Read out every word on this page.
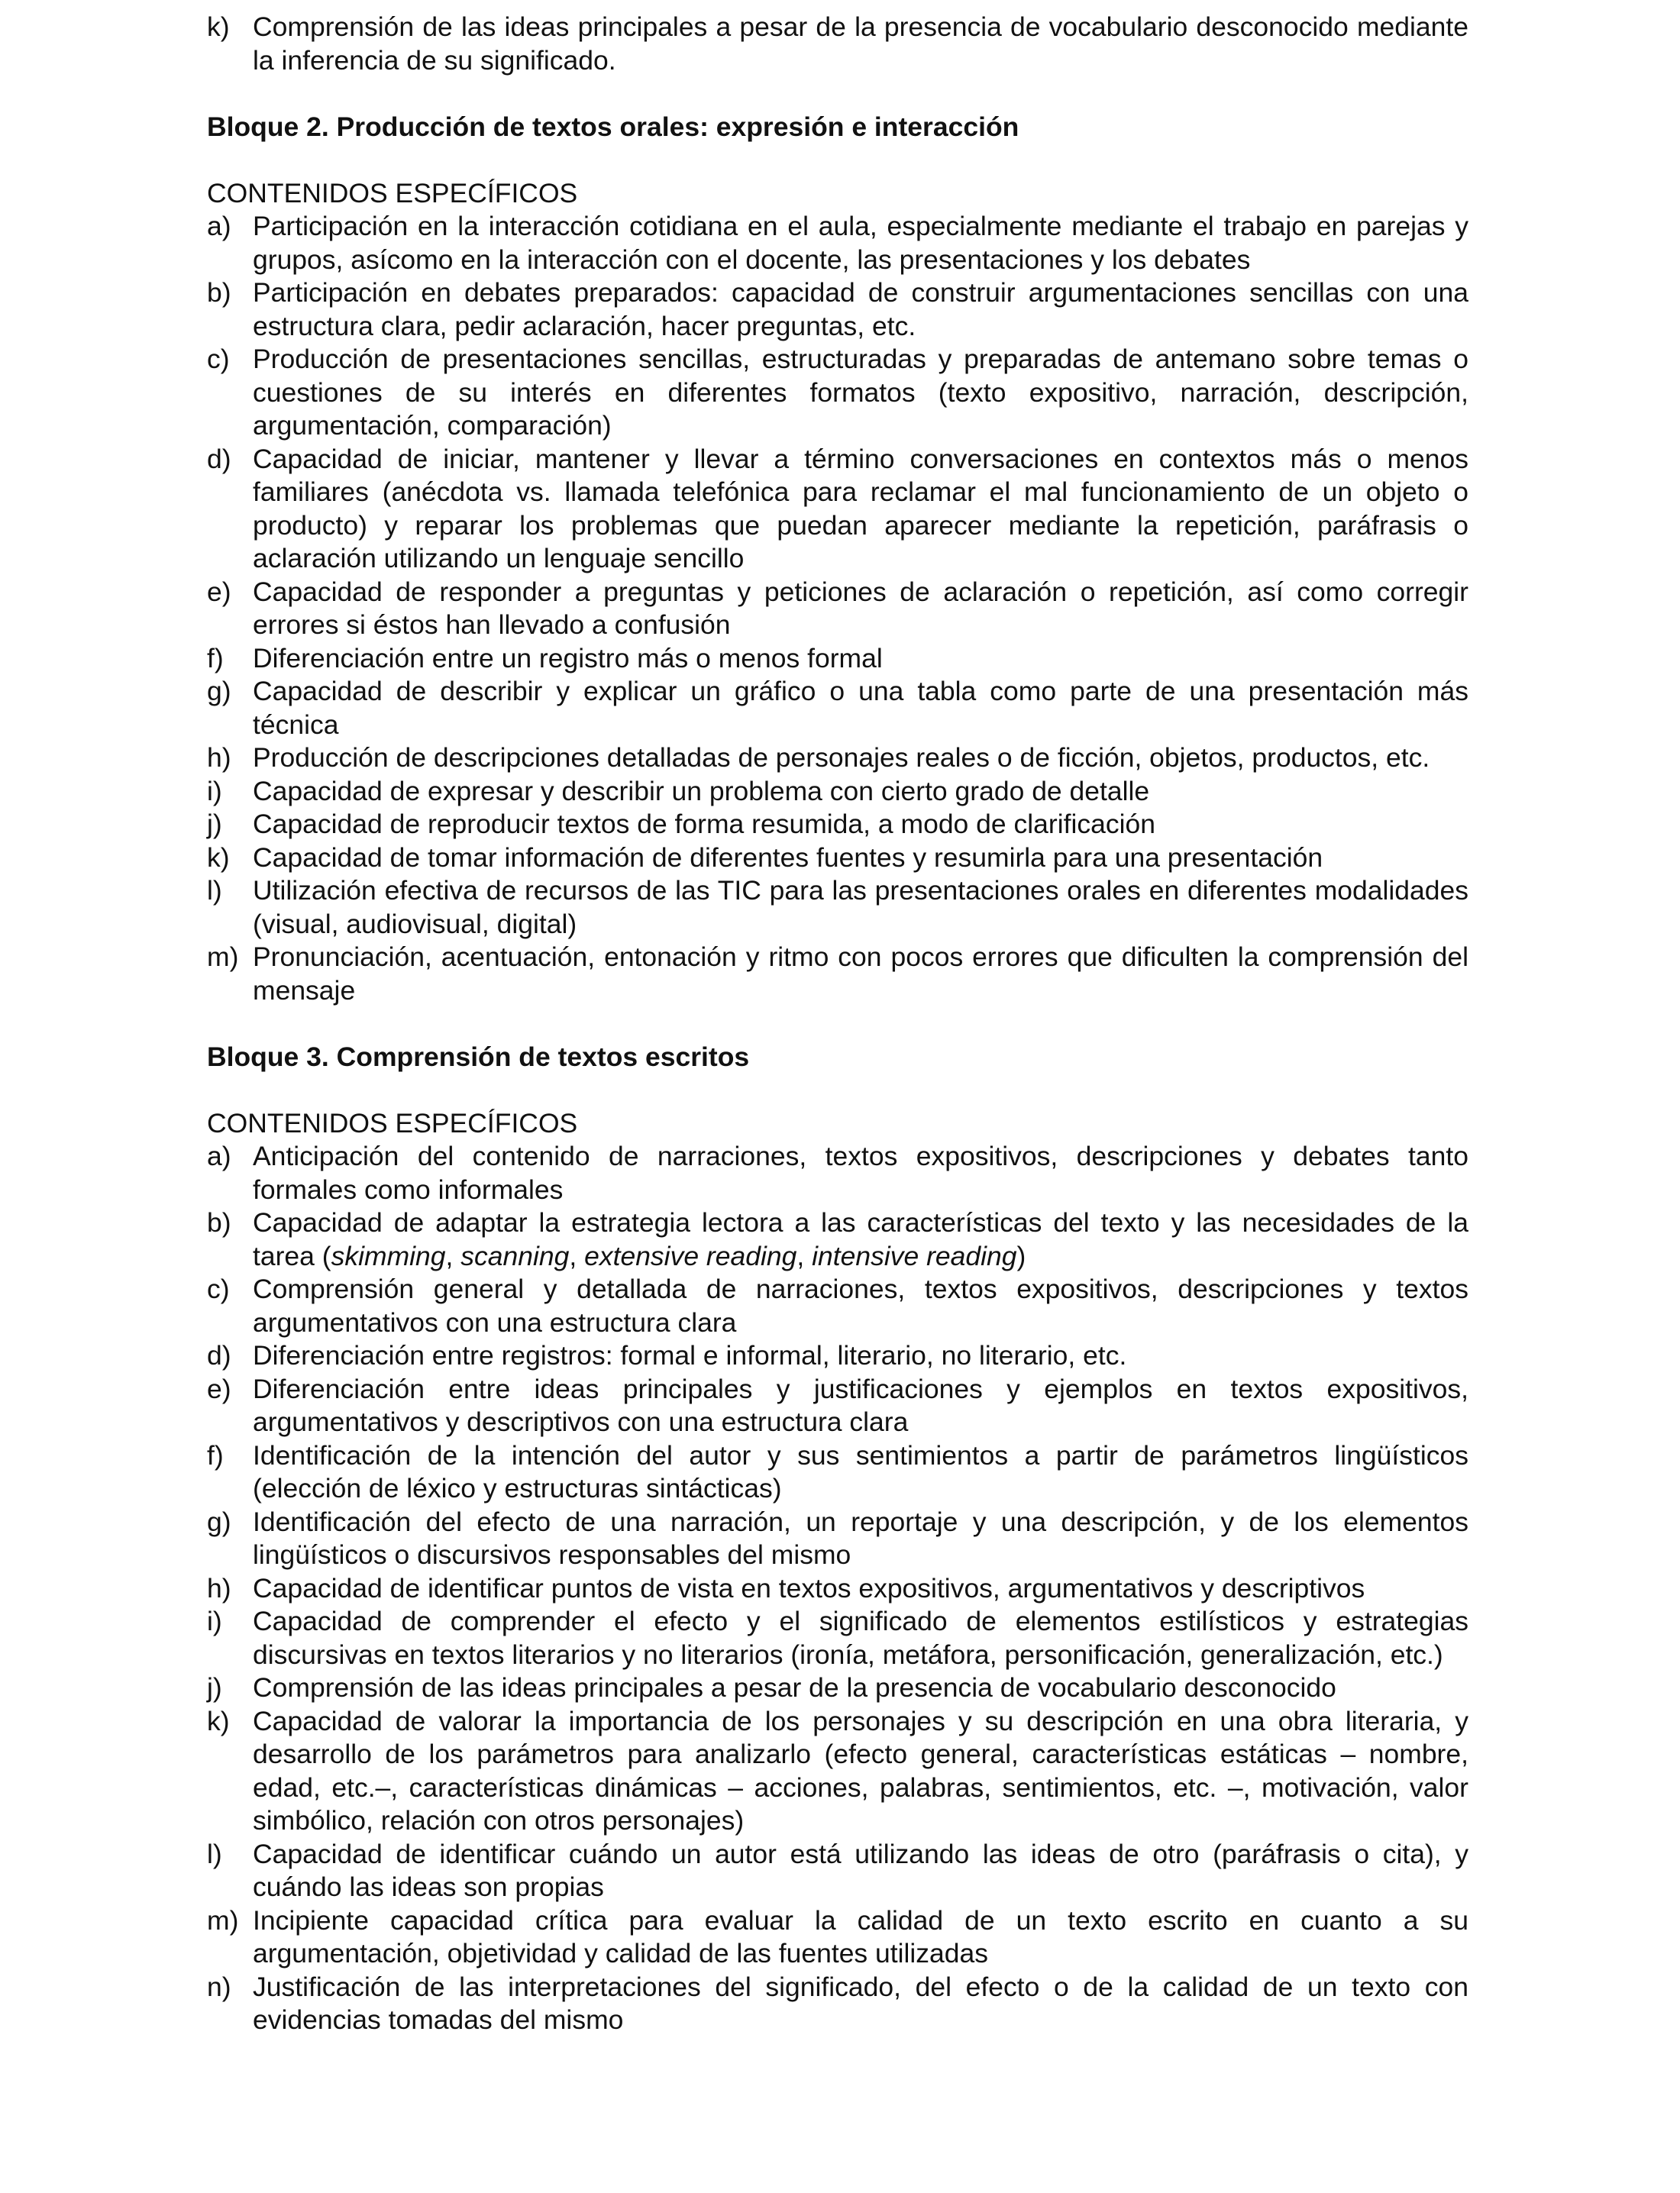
k) Comprensión de las ideas principales a pesar de la presencia de vocabulario desconocido mediante la inferencia de su significado.
Bloque 2. Producción de textos orales: expresión e interacción
CONTENIDOS ESPECÍFICOS
a) Participación en la interacción cotidiana en el aula, especialmente mediante el trabajo en parejas y grupos, asícomo en la interacción con el docente, las presentaciones y los debates
b) Participación en debates preparados: capacidad de construir argumentaciones sencillas con una estructura clara, pedir aclaración, hacer preguntas, etc.
c) Producción de presentaciones sencillas, estructuradas y preparadas de antemano sobre temas o cuestiones de su interés en diferentes formatos (texto expositivo, narración, descripción, argumentación, comparación)
d) Capacidad de iniciar, mantener y llevar a término conversaciones en contextos más o menos familiares (anécdota vs. llamada telefónica para reclamar el mal funcionamiento de un objeto o producto) y reparar los problemas que puedan aparecer mediante la repetición, paráfrasis o aclaración utilizando un lenguaje sencillo
e) Capacidad de responder a preguntas y peticiones de aclaración o repetición, así como corregir errores si éstos han llevado a confusión
f) Diferenciación entre un registro más o menos formal
g) Capacidad de describir y explicar un gráfico o una tabla como parte de una presentación más técnica
h) Producción de descripciones detalladas de personajes reales o de ficción, objetos, productos, etc.
i) Capacidad de expresar y describir un problema con cierto grado de detalle
j) Capacidad de reproducir textos de forma resumida, a modo de clarificación
k) Capacidad de tomar información de diferentes fuentes y resumirla para una presentación
l) Utilización efectiva de recursos de las TIC para las presentaciones orales en diferentes modalidades (visual, audiovisual, digital)
m) Pronunciación, acentuación, entonación y ritmo con pocos errores que dificulten la comprensión del mensaje
Bloque 3. Comprensión de textos escritos
CONTENIDOS ESPECÍFICOS
a) Anticipación del contenido de narraciones, textos expositivos, descripciones y debates tanto formales como informales
b) Capacidad de adaptar la estrategia lectora a las características del texto y las necesidades de la tarea (skimming, scanning, extensive reading, intensive reading)
c) Comprensión general y detallada de narraciones, textos expositivos, descripciones y textos argumentativos con una estructura clara
d) Diferenciación entre registros: formal e informal, literario, no literario, etc.
e) Diferenciación entre ideas principales y justificaciones y ejemplos en textos expositivos, argumentativos y descriptivos con una estructura clara
f) Identificación de la intención del autor y sus sentimientos a partir de parámetros lingüísticos (elección de léxico y estructuras sintácticas)
g) Identificación del efecto de una narración, un reportaje y una descripción, y de los elementos lingüísticos o discursivos responsables del mismo
h) Capacidad de identificar puntos de vista en textos expositivos, argumentativos y descriptivos
i) Capacidad de comprender el efecto y el significado de elementos estilísticos y estrategias discursivas en textos literarios y no literarios (ironía, metáfora, personificación, generalización, etc.)
j) Comprensión de las ideas principales a pesar de la presencia de vocabulario desconocido
k) Capacidad de valorar la importancia de los personajes y su descripción en una obra literaria, y desarrollo de los parámetros para analizarlo (efecto general, características estáticas – nombre, edad, etc.–, características dinámicas – acciones, palabras, sentimientos, etc. –, motivación, valor simbólico, relación con otros personajes)
l) Capacidad de identificar cuándo un autor está utilizando las ideas de otro (paráfrasis o cita), y cuándo las ideas son propias
m) Incipiente capacidad crítica para evaluar la calidad de un texto escrito en cuanto a su argumentación, objetividad y calidad de las fuentes utilizadas
n) Justificación de las interpretaciones del significado, del efecto o de la calidad de un texto con evidencias tomadas del mismo
